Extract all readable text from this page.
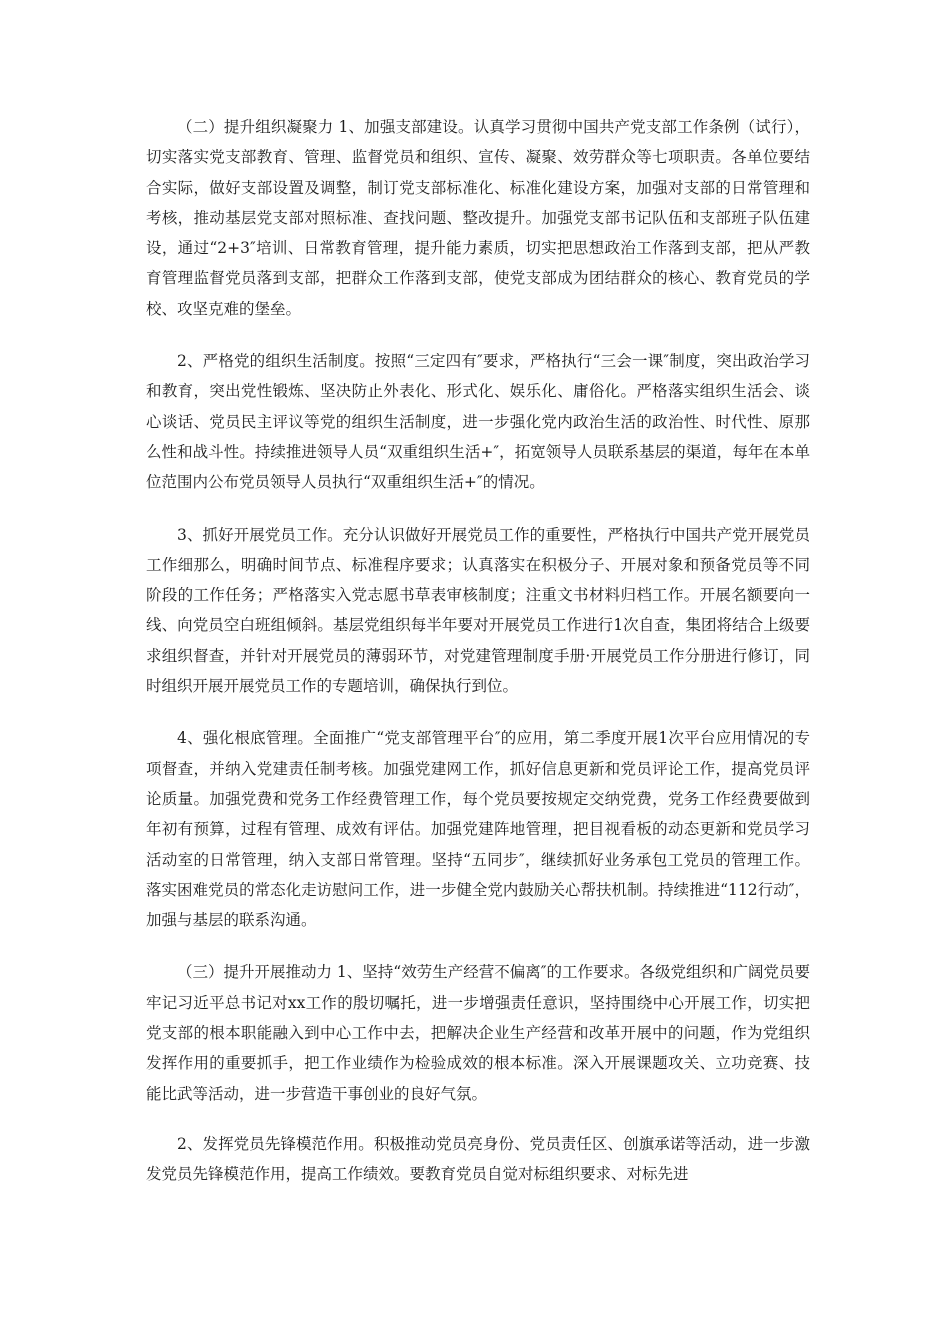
（二）提升组织凝聚力 1、加强支部建设。认真学习贯彻中国共产党支部工作条例（试行），切实落实党支部教育、管理、监督党员和组织、宣传、凝聚、效劳群众等七项职责。各单位要结合实际，做好支部设置及调整，制订党支部标准化、标准化建设方案，加强对支部的日常管理和考核，推动基层党支部对照标准、查找问题、整改提升。加强党支部书记队伍和支部班子队伍建设，通过“2+3″培训、日常教育管理，提升能力素质，切实把思想政治工作落到支部，把从严教育管理监督党员落到支部，把群众工作落到支部，使党支部成为团结群众的核心、教育党员的学校、攻坚克难的堡垒。

2、严格党的组织生活制度。按照“三定四有″要求，严格执行“三会一课″制度，突出政治学习和教育，突出党性锻炼、坚决防止外表化、形式化、娱乐化、庸俗化。严格落实组织生活会、谈心谈话、党员民主评议等党的组织生活制度，进一步强化党内政治生活的政治性、时代性、原那么性和战斗性。持续推进领导人员“双重组织生活+″，拓宽领导人员联系基层的渠道，每年在本单位范围内公布党员领导人员执行“双重组织生活+″的情况。

3、抓好开展党员工作。充分认识做好开展党员工作的重要性，严格执行中国共产党开展党员工作细那么，明确时间节点、标准程序要求；认真落实在积极分子、开展对象和预备党员等不同阶段的工作任务；严格落实入党志愿书草表审核制度；注重文书材料归档工作。开展名额要向一线、向党员空白班组倾斜。基层党组织每半年要对开展党员工作进行1次自查，集团将结合上级要求组织督查，并针对开展党员的薄弱环节，对党建管理制度手册·开展党员工作分册进行修订，同时组织开展开展党员工作的专题培训，确保执行到位。

4、强化根底管理。全面推广“党支部管理平台″的应用，第二季度开展1次平台应用情况的专项督查，并纳入党建责任制考核。加强党建网工作，抓好信息更新和党员评论工作，提高党员评论质量。加强党费和党务工作经费管理工作，每个党员要按规定交纳党费，党务工作经费要做到年初有预算，过程有管理、成效有评估。加强党建阵地管理，把目视看板的动态更新和党员学习活动室的日常管理，纳入支部日常管理。坚持“五同步″，继续抓好业务承包工党员的管理工作。落实困难党员的常态化走访慰问工作，进一步健全党内鼓励关心帮扶机制。持续推进“112行动″，加强与基层的联系沟通。

（三）提升开展推动力 1、坚持“效劳生产经营不偏离″的工作要求。各级党组织和广阔党员要牢记习近平总书记对xx工作的殷切嘱托，进一步增强责任意识，坚持围绕中心开展工作，切实把党支部的根本职能融入到中心工作中去，把解决企业生产经营和改革开展中的问题，作为党组织发挥作用的重要抓手，把工作业绩作为检验成效的根本标准。深入开展课题攻关、立功竞赛、技能比武等活动，进一步营造干事创业的良好气氛。

2、发挥党员先锋模范作用。积极推动党员亮身份、党员责任区、创旗承诺等活动，进一步激发党员先锋模范作用，提高工作绩效。要教育党员自觉对标组织要求、对标先进
